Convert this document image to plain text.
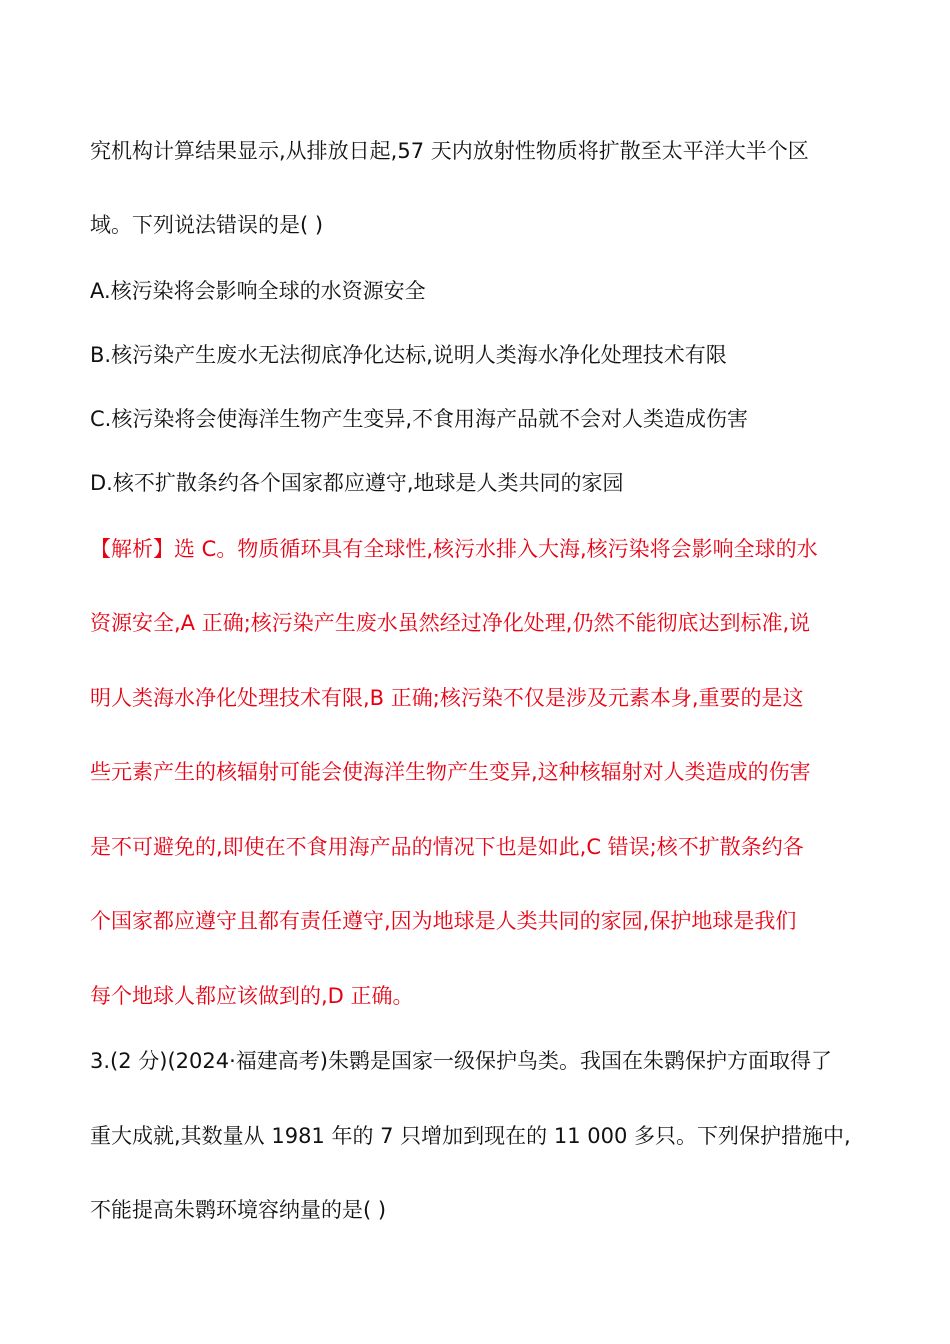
究机构计算结果显示,从排放日起,57 天内放射性物质将扩散至太平洋大半个区
域。下列说法错误的是( )
A.核污染将会影响全球的水资源安全
B.核污染产生废水无法彻底净化达标,说明人类海水净化处理技术有限
C.核污染将会使海洋生物产生变异,不食用海产品就不会对人类造成伤害
D.核不扩散条约各个国家都应遵守,地球是人类共同的家园
【解析】选 C。物质循环具有全球性,核污水排入大海,核污染将会影响全球的水
资源安全,A 正确;核污染产生废水虽然经过净化处理,仍然不能彻底达到标准,说
明人类海水净化处理技术有限,B 正确;核污染不仅是涉及元素本身,重要的是这
些元素产生的核辐射可能会使海洋生物产生变异,这种核辐射对人类造成的伤害
是不可避免的,即使在不食用海产品的情况下也是如此,C 错误;核不扩散条约各
个国家都应遵守且都有责任遵守,因为地球是人类共同的家园,保护地球是我们
每个地球人都应该做到的,D 正确。
3.(2 分)(2024·福建高考)朱鹮是国家一级保护鸟类。我国在朱鹮保护方面取得了
重大成就,其数量从 1981 年的 7 只增加到现在的 11 000 多只。下列保护措施中,
不能提高朱鹮环境容纳量的是( )
